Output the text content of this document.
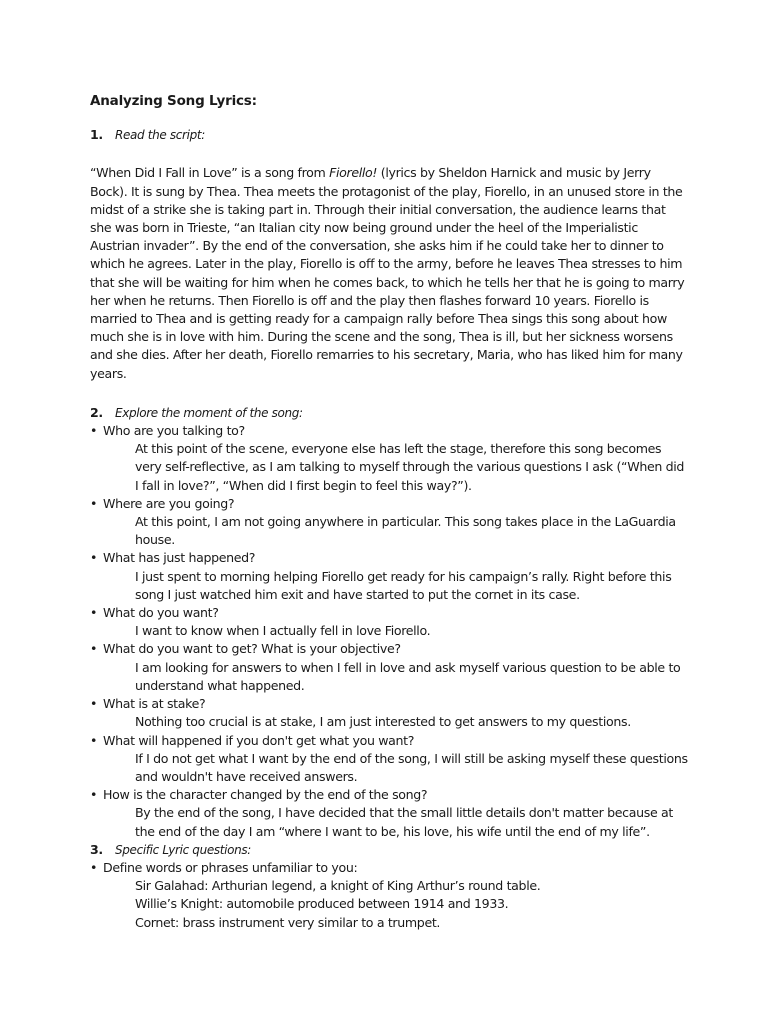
Analyzing Song Lyrics:

1. Read the script:

“When Did I Fall in Love” is a song from Fiorello! (lyrics by Sheldon Harnick and music by Jerry Bock). It is sung by Thea. Thea meets the protagonist of the play, Fiorello, in an unused store in the midst of a strike she is taking part in. Through their initial conversation, the audience learns that she was born in Trieste, “an Italian city now being ground under the heel of the Imperialistic Austrian invader”. By the end of the conversation, she asks him if he could take her to dinner to which he agrees. Later in the play, Fiorello is off to the army, before he leaves Thea stresses to him that she will be waiting for him when he comes back, to which he tells her that he is going to marry her when he returns. Then Fiorello is off and the play then flashes forward 10 years. Fiorello is married to Thea and is getting ready for a campaign rally before Thea sings this song about how much she is in love with him. During the scene and the song, Thea is ill, but her sickness worsens and she dies. After her death, Fiorello remarries to his secretary, Maria, who has liked him for many years.

2. Explore the moment of the song:

• Who are you talking to?
At this point of the scene, everyone else has left the stage, therefore this song becomes very self-reflective, as I am talking to myself through the various questions I ask (“When did I fall in love?”, “When did I first begin to feel this way?”).
• Where are you going?
At this point, I am not going anywhere in particular. This song takes place in the LaGuardia house.
• What has just happened?
I just spent to morning helping Fiorello get ready for his campaign’s rally. Right before this song I just watched him exit and have started to put the cornet in its case.
• What do you want?
I want to know when I actually fell in love Fiorello.
• What do you want to get? What is your objective?
I am looking for answers to when I fell in love and ask myself various question to be able to understand what happened.
• What is at stake?
Nothing too crucial is at stake, I am just interested to get answers to my questions.
• What will happened if you don't get what you want?
If I do not get what I want by the end of the song, I will still be asking myself these questions and wouldn't have received answers.
• How is the character changed by the end of the song?
By the end of the song, I have decided that the small little details don't matter because at the end of the day I am “where I want to be, his love, his wife until the end of my life”.

3. Specific Lyric questions:

• Define words or phrases unfamiliar to you:
Sir Galahad: Arthurian legend, a knight of King Arthur’s round table.
Willie’s Knight: automobile produced between 1914 and 1933.
Cornet: brass instrument very similar to a trumpet.
